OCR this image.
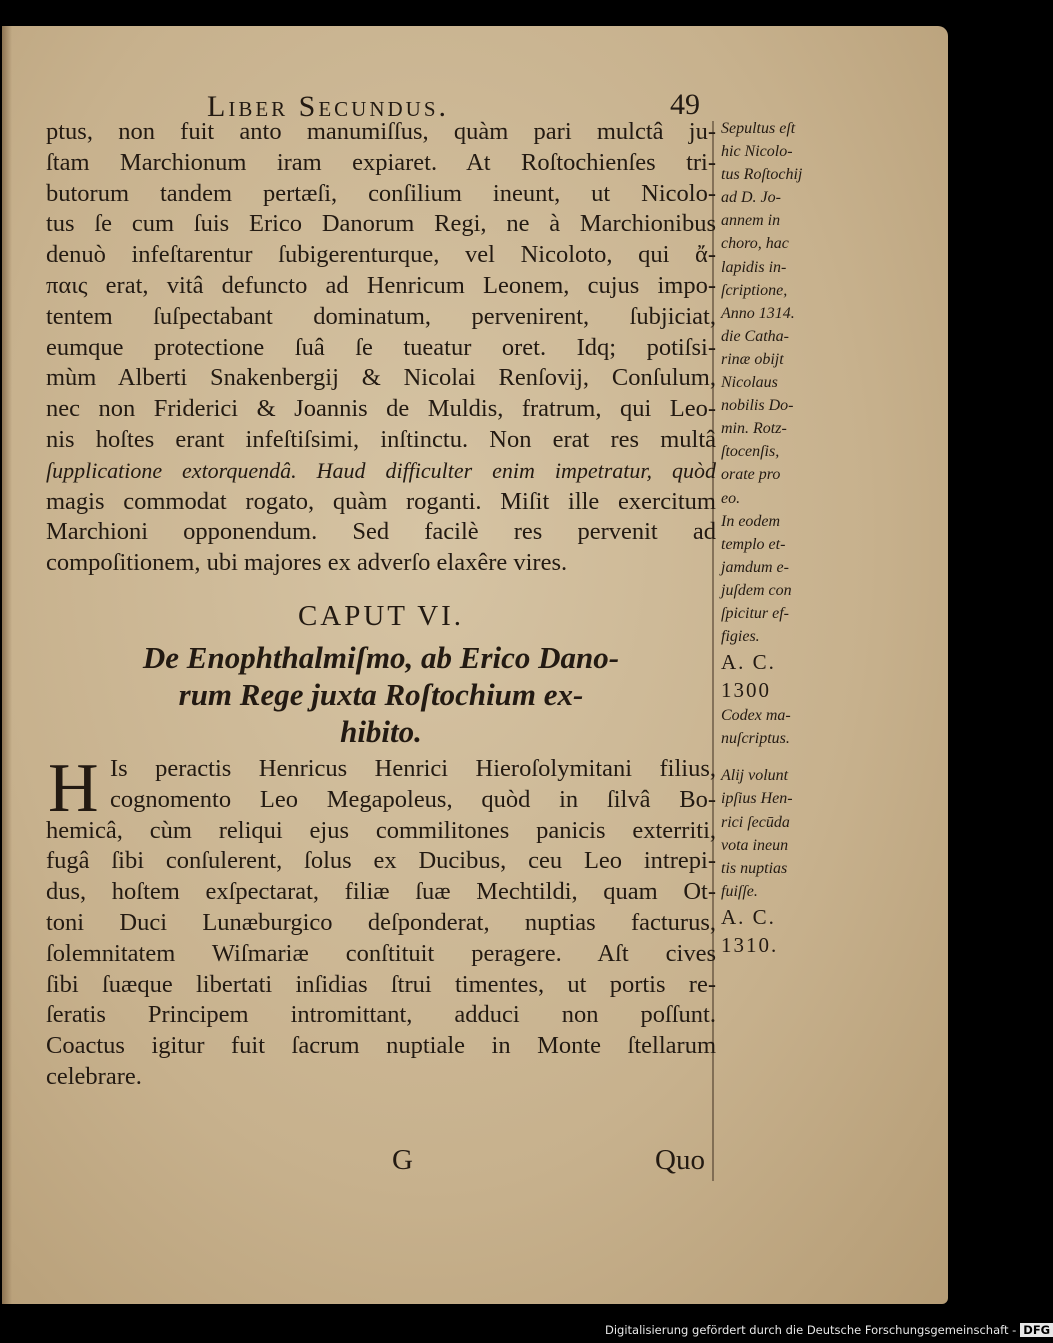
Liber Secundus.	49
ptus, non fuit anto manumiſſus, quàm pari mulctâ ju-
ſtam Marchionum iram expiaret. At Roſtochienſes tri-
butorum tandem pertæſi, conſilium ineunt, ut Nicolo-
tus ſe cum ſuis Erico Danorum Regi, ne à Marchionibus
denuò infeſtarentur ſubigerenturque, vel Nicoloto, qui ἄ-
παις erat, vitâ defuncto ad Henricum Leonem, cujus impo-
tentem ſuſpectabant dominatum, pervenirent, ſubjiciat,
eumque protectione ſuâ ſe tueatur oret. Idq; potiſsi-
mùm Alberti Snakenbergij & Nicolai Renſovij, Conſulum,
nec non Friderici & Joannis de Muldis, fratrum, qui Leo-
nis hoſtes erant infeſtiſsimi, inſtinctu. Non erat res multâ
ſupplicatione extorquendâ. Haud difficulter enim impetratur, quòd
magis commodat rogato, quàm roganti. Miſit ille exercitum
Marchioni opponendum. Sed facilè res pervenit ad
compoſitionem, ubi majores ex adverſo elaxêre vires.
CAPUT VI.
De Enophthalmiſmo, ab Erico Dano-
rum Rege juxta Roſtochium ex-
hibito.
H Is peractis Henricus Henrici Hieroſolymitani filius,
cognomento Leo Megapoleus, quòd in ſilvâ Bo-
hemicâ, cùm reliqui ejus commilitones panicis exterriti,
fugâ ſibi conſulerent, ſolus ex Ducibus, ceu Leo intrepi-
dus, hoſtem exſpectarat, filiæ ſuæ Mechtildi, quam Ot-
toni Duci Lunæburgico deſponderat, nuptias facturus,
ſolemnitatem Wiſmariæ conſtituit peragere. Aſt cives
ſibi ſuæque libertati inſidias ſtrui timentes, ut portis re-
ſeratis Principem intromittant, adduci non poſſunt.
Coactus igitur fuit ſacrum nuptiale in Monte ſtellarum
celebrare.
Sepultus eſt
hic Nicolo-
tus Roſtochij
ad D. Jo-
annem in
choro, hac
lapidis in-
ſcriptione,
Anno 1314.
die Catha-
rinæ obijt
Nicolaus
nobilis Do-
min. Rotz-
ſtocenſis,
orate pro
eo.
In eodem
templo et-
jamdum e-
juſdem con
ſpicitur ef-
figies.
A. C.
1300
Codex ma-
nuſcriptus.
Alij volunt
ipſius Hen-
rici ſecūda
vota ineun
tis nuptias
fuiſſe.
A. C.
1310.
G	Quo
Digitalisierung gefördert durch die Deutsche Forschungsgemeinschaft - DFG
